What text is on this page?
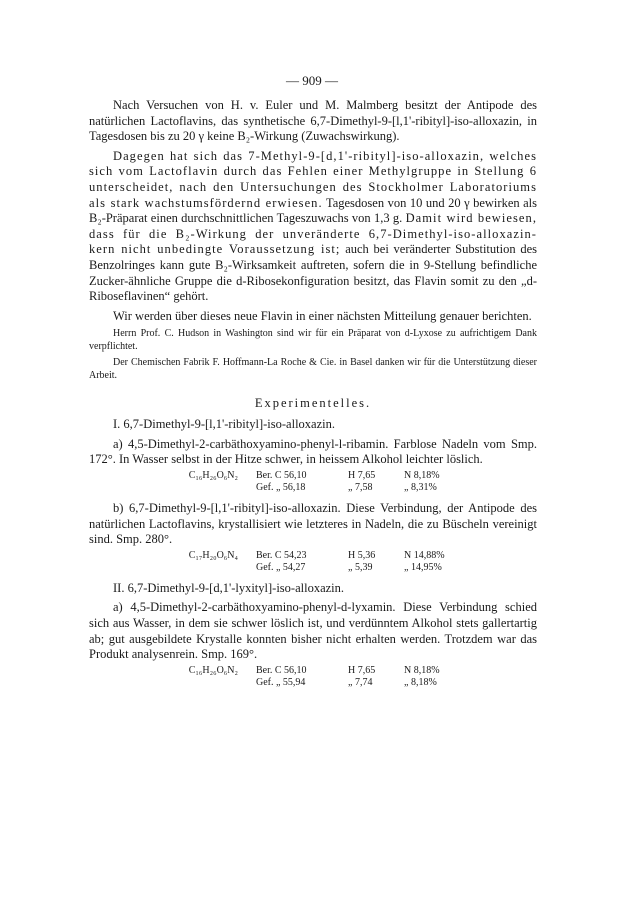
— 909 —

Nach Versuchen von H. v. Euler und M. Malmberg besitzt der Antipode des natürlichen Lactoflavins, das synthetische 6,7-Dimethyl-9-[l,1'-ribityl]-iso-alloxazin, in Tagesdosen bis zu 20 γ keine B₂-Wirkung (Zuwachswirkung).

Dagegen hat sich das 7-Methyl-9-[d,1'-ribityl]-iso-alloxazin, welches sich vom Lactoflavin durch das Fehlen einer Methylgruppe in Stellung 6 unterscheidet, nach den Untersuchungen des Stockholmer Laboratoriums als stark wachstumsfördernd erwiesen. Tagesdosen von 10 und 20 γ bewirken als B₂-Präparat einen durchschnittlichen Tageszuwachs von 1,3 g. Damit wird bewiesen, dass für die B₂-Wirkung der unveränderte 6,7-Dimethyl-iso-alloxazin-kern nicht unbedingte Voraussetzung ist; auch bei veränderter Substitution des Benzolringes kann gute B₂-Wirksamkeit auftreten, sofern die in 9-Stellung befindliche Zucker-ähnliche Gruppe die d-Ribosekonfiguration besitzt, das Flavin somit zu den „d-Riboseflavinen“ gehört.

Wir werden über dieses neue Flavin in einer nächsten Mitteilung genauer berichten.

Herrn Prof. C. Hudson in Washington sind wir für ein Präparat von d-Lyxose zu aufrichtigem Dank verpflichtet.

Der Chemischen Fabrik F. Hoffmann-La Roche & Cie. in Basel danken wir für die Unterstützung dieser Arbeit.

Experimentelles.

I. 6,7-Dimethyl-9-[l,1'-ribityl]-iso-alloxazin.

a) 4,5-Dimethyl-2-carbäthoxyamino-phenyl-l-ribamin. Farblose Nadeln vom Smp. 172°. In Wasser selbst in der Hitze schwer, in heissem Alkohol leichter löslich.

C₁₆H₂₆O₆N₂	Ber. C 56,10	H 7,65	N 8,18%
Gef. „ 56,18	„ 7,58	„ 8,31%

b) 6,7-Dimethyl-9-[l,1'-ribityl]-iso-alloxazin. Diese Verbindung, der Antipode des natürlichen Lactoflavins, krystallisiert wie letzteres in Nadeln, die zu Büscheln vereinigt sind. Smp. 280°.

C₁₇H₂₀O₆N₄	Ber. C 54,23	H 5,36	N 14,88%
Gef. „ 54,27	„ 5,39	„ 14,95%

II. 6,7-Dimethyl-9-[d,1'-lyxityl]-iso-alloxazin.

a) 4,5-Dimethyl-2-carbäthoxyamino-phenyl-d-lyxamin. Diese Verbindung schied sich aus Wasser, in dem sie schwer löslich ist, und verdünntem Alkohol stets gallertartig ab; gut ausgebildete Krystalle konnten bisher nicht erhalten werden. Trotzdem war das Produkt analysenrein. Smp. 169°.

C₁₆H₂₆O₆N₂	Ber. C 56,10	H 7,65	N 8,18%
Gef. „ 55,94	„ 7,74	„ 8,18%
